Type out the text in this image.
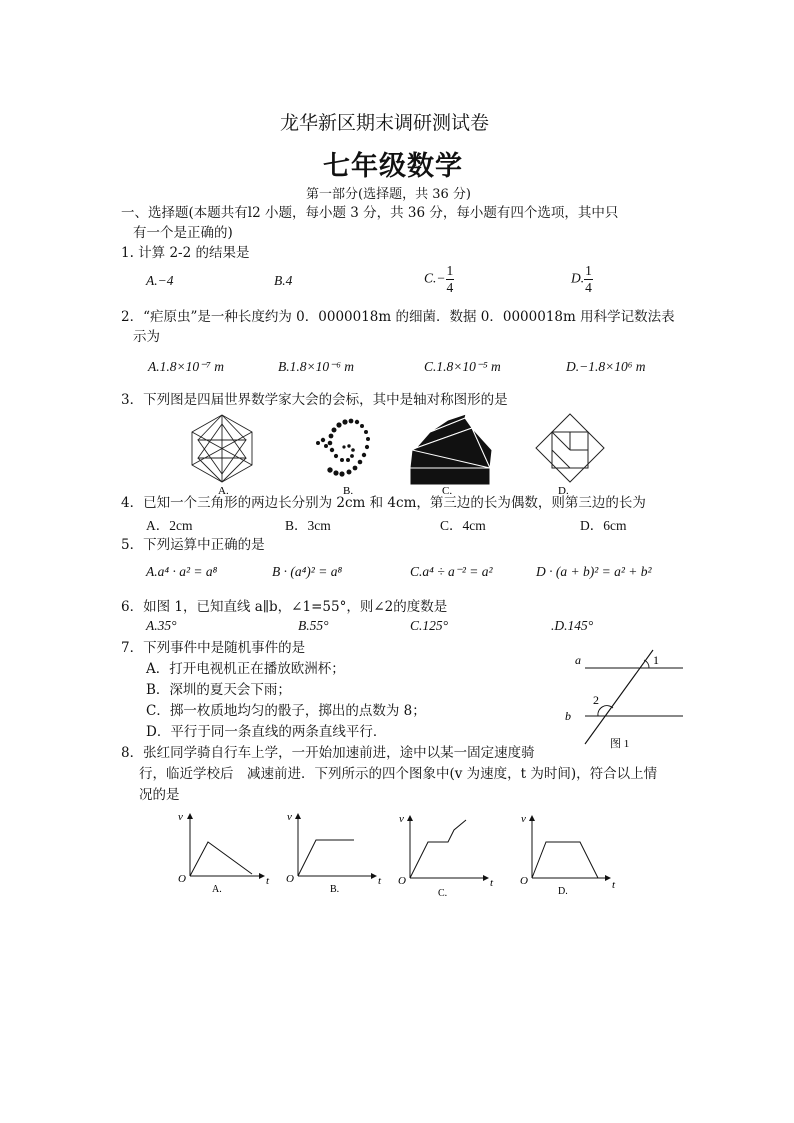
龙华新区期末调研测试卷
七年级数学
第一部分(选择题，共 36 分)
一、选择题(本题共有l2 小题，每小题 3 分，共 36 分，每小题有四个选项，其中只
有一个是正确的)
1. 计算 2-2 的结果是
A.−4	B.4	$C.- \frac{1}{4}$	D. $\frac{1}{4}$
2．“疟原虫”是一种长度约为 0．0000018m 的细菌．数据 0．0000018m 用科学记数法表
示为
A.1.8×10⁻⁷ m	B.1.8×10⁻⁶ m	C.1.8×10⁻⁵ m	D.−1.8×10⁶ m
3．下列图是四届世界数学家大会的会标，其中是轴对称图形的是
A.	B.	C.	D.
4．已知一个三角形的两边长分别为 2cm 和 4cm，第三边的长为偶数，则第三边的长为
A．2cm	B．3cm	C．4cm	D．6cm
5．下列运算中正确的是
A.a⁴ · a² = a⁸	B · (a⁴)² = a⁸	C.a⁴ ÷ a⁻² = a²	D · (a + b)² = a² + b²
6．如图 1，已知直线 a∥b，∠1=55°，则∠2的度数是
A.35°	B.55°	C.125°	.D.145°
7．下列事件中是随机事件的是
A．打开电视机正在播放欧洲杯；
B．深圳的夏天会下雨；
C．掷一枚质地均匀的骰子，掷出的点数为 8；
D．平行于同一条直线的两条直线平行．
a
b
1
2
图 1
8．张红同学骑自行车上学，一开始加速前进，途中以某一固定速度骑
行，临近学校后　减速前进．下列所示的四个图象中(v 为速度，t 为时间)，符合以上情
况的是
v
t
O
A.
v
t
O
B.
v
t
O
C.
v
t
O
D.
